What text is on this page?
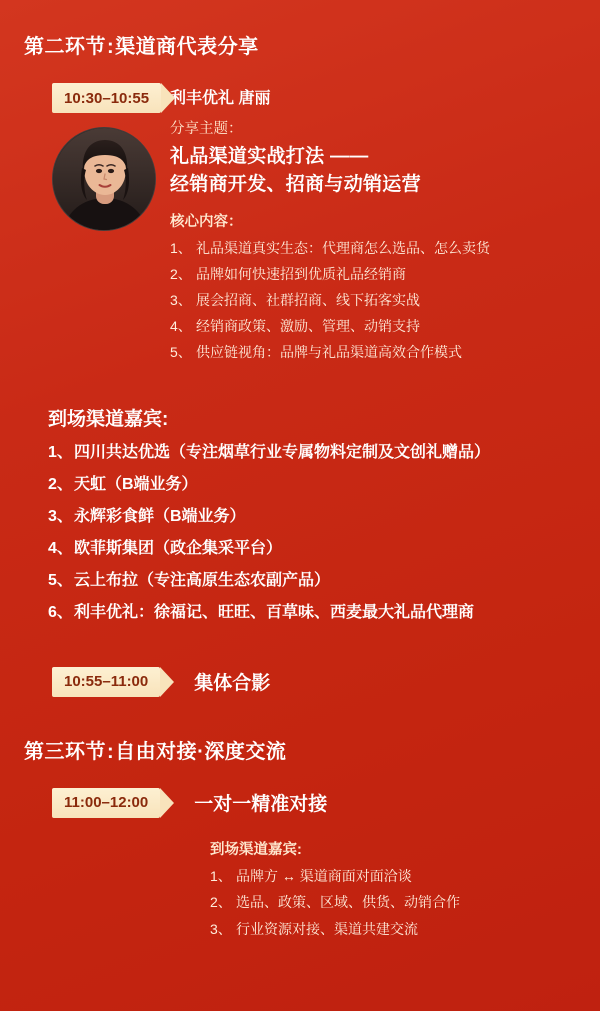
第二环节 : 渠道商代表分享
10:30–10:55 利丰优礼 唐丽
分享主题：
礼品渠道实战打法 ——
经销商开发、招商与动销运营
核心内容：
1、 礼品渠道真实生态：代理商怎么选品、怎么卖货
2、 品牌如何快速招到优质礼品经销商
3、 展会招商、社群招商、线下拓客实战
4、 经销商政策、激励、管理、动销支持
5、 供应链视角：品牌与礼品渠道高效合作模式
到场渠道嘉宾:
1、 四川共达优选（专注烟草行业专属物料定制及文创礼赠品）
2、 天虹（B端业务）
3、 永辉彩食鲜（B端业务）
4、 欧菲斯集团（政企集采平台）
5、 云上布拉（专注高原生态农副产品）
6、 利丰优礼：徐福记、旺旺、百草味、西麦最大礼品代理商
10:55–11:00 集体合影
第三环节 : 自由对接·深度交流
11:00–12:00 一对一精准对接
到场渠道嘉宾:
1、 品牌方 ↔ 渠道商面对面洽谈
2、 选品、政策、区域、供货、动销合作
3、 行业资源对接、渠道共建交流
